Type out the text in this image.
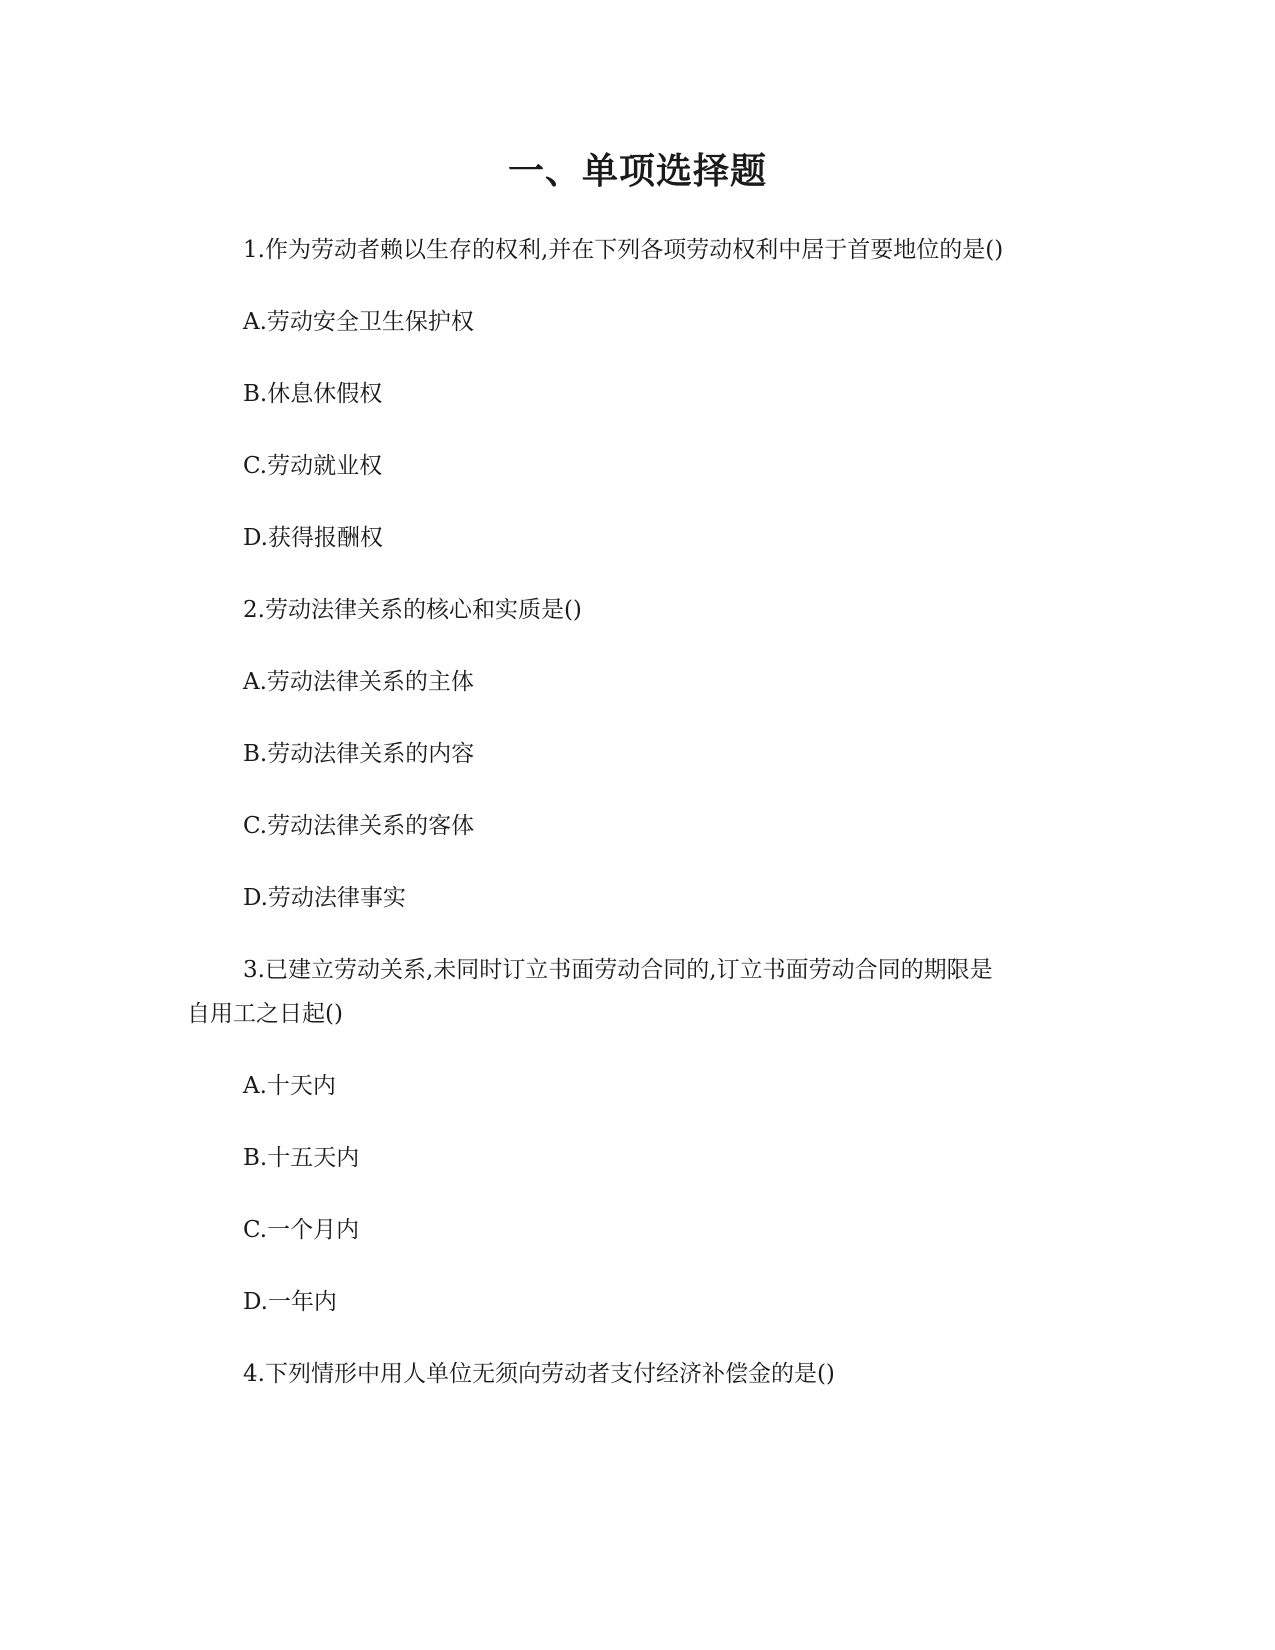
一、单项选择题
1.作为劳动者赖以生存的权利,并在下列各项劳动权利中居于首要地位的是()
A.劳动安全卫生保护权
B.休息休假权
C.劳动就业权
D.获得报酬权
2.劳动法律关系的核心和实质是()
A.劳动法律关系的主体
B.劳动法律关系的内容
C.劳动法律关系的客体
D.劳动法律事实
3.已建立劳动关系,未同时订立书面劳动合同的,订立书面劳动合同的期限是
自用工之日起()
A.十天内
B.十五天内
C.一个月内
D.一年内
4.下列情形中用人单位无须向劳动者支付经济补偿金的是()
